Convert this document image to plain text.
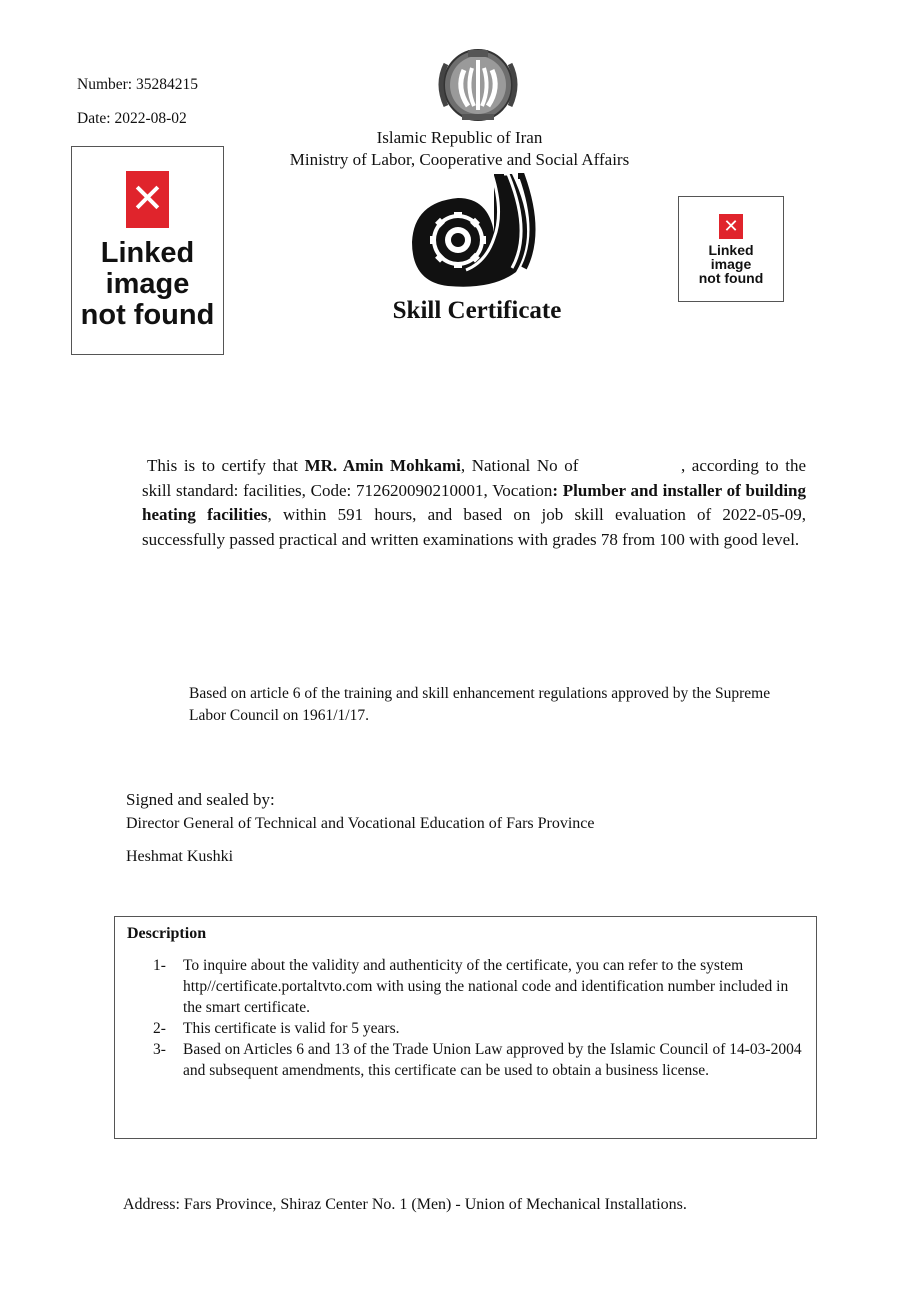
Number: 35284215
Date: 2022-08-02
Islamic Republic of Iran
Ministry of Labor, Cooperative and Social Affairs
✕
Linked
image
not found
✕
Linked
image
not found
Skill Certificate
This is to certify that MR. Amin Mohkami, National No of	, according to the skill standard: facilities, Code: 712620090210001, Vocation: Plumber and installer of building heating facilities, within 591 hours, and based on job skill evaluation of 2022-05-09, successfully passed practical and written examinations with grades 78 from 100 with good level.
Based on article 6 of the training and skill enhancement regulations approved by the Supreme Labor Council on 1961/1/17.
Signed and sealed by:
Director General of Technical and Vocational Education of Fars Province
Heshmat Kushki
Description
1-	To inquire about the validity and authenticity of the certificate, you can refer to the system http//certificate.portaltvto.com with using the national code and identification number included in the smart certificate.
2-	This certificate is valid for 5 years.
3-	Based on Articles 6 and 13 of the Trade Union Law approved by the Islamic Council of 14-03-2004 and subsequent amendments, this certificate can be used to obtain a business license.
Address: Fars Province, Shiraz Center No. 1 (Men) - Union of Mechanical Installations.
